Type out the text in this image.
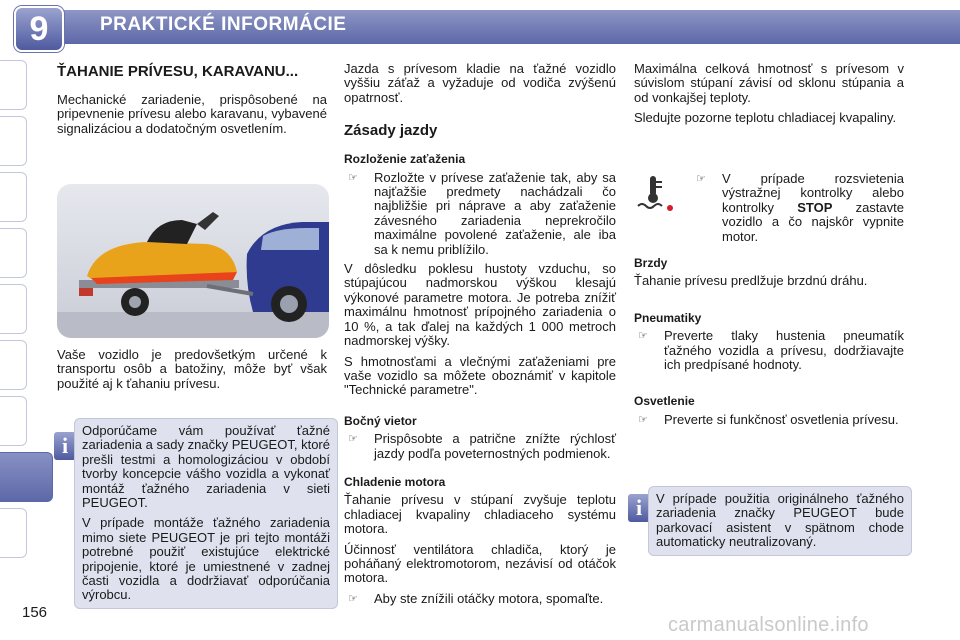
9	PRAKTICKÉ INFORMÁCIE
ŤAHANIE PRÍVESU, KARAVANU...

Mechanické zariadenie, prispôsobené na pripevnenie prívesu alebo karavanu, vybavené signalizáciou a dodatočným osvetlením.

Vaše vozidlo je predovšetkým určené k transportu osôb a batožiny, môže byť však použité aj k ťahaniu prívesu.

i

Odporúčame vám používať ťažné zariadenia a sady značky PEUGEOT, ktoré prešli testmi a homologizáciou v období tvorby koncepcie vášho vozidla a vykonať montáž ťažného zariadenia v sieti PEUGEOT.

V prípade montáže ťažného zariadenia mimo siete PEUGEOT je pri tejto montáži potrebné použiť existujúce elektrické pripojenie, ktoré je umiestnené v zadnej časti vozidla a dodržiavať odporúčania výrobcu.

Jazda s prívesom kladie na ťažné vozidlo vyššiu záťaž a vyžaduje od vodiča zvýšenú opatrnosť.

Zásady jazdy
Rozloženie zaťaženia
☞	Rozložte v prívese zaťaženie tak, aby sa najťažšie predmety nachádzali čo najbližšie pri náprave a aby zaťaženie závesného zariadenia neprekročilo maximálne povolené zaťaženie, ale iba sa k nemu priblížilo.

V dôsledku poklesu hustoty vzduchu, so stúpajúcou nadmorskou výškou klesajú výkonové parametre motora. Je potreba znížiť maximálnu hmotnosť prípojného zariadenia o 10 %, a tak ďalej na každých 1 000 metroch nadmorskej výšky.

S hmotnosťami a vlečnými zaťaženiami pre vaše vozidlo sa môžete oboznámiť v kapitole "Technické parametre".

Bočný vietor
☞	Prispôsobte a patrične znížte rýchlosť jazdy podľa poveternostných podmienok.
Chladenie motora

Ťahanie prívesu v stúpaní zvyšuje teplotu chladiacej kvapaliny chladiaceho systému motora.

Účinnosť ventilátora chladiča, ktorý je poháňaný elektromotorom, nezávisí od otáčok motora.

☞	Aby ste znížili otáčky motora, spomaľte.

Maximálna celková hmotnosť s prívesom v súvislom stúpaní závisí od sklonu stúpania a od vonkajšej teploty.

Sledujte pozorne teplotu chladiacej kvapaliny.

☞	V prípade rozsvietenia výstražnej kontrolky alebo kontrolky STOP zastavte vozidlo a čo najskôr vypnite motor.
Brzdy

Ťahanie prívesu predlžuje brzdnú dráhu.

Pneumatiky
☞	Preverte tlaky hustenia pneumatík ťažného vozidla a prívesu, dodržiavajte ich predpísané hodnoty.
Osvetlenie
☞	Preverte si funkčnosť osvetlenia prívesu.
i	V prípade použitia originálneho ťažného zariadenia značky PEUGEOT bude parkovací asistent v spätnom chode automaticky neutralizovaný.

156
carmanualsonline.info
